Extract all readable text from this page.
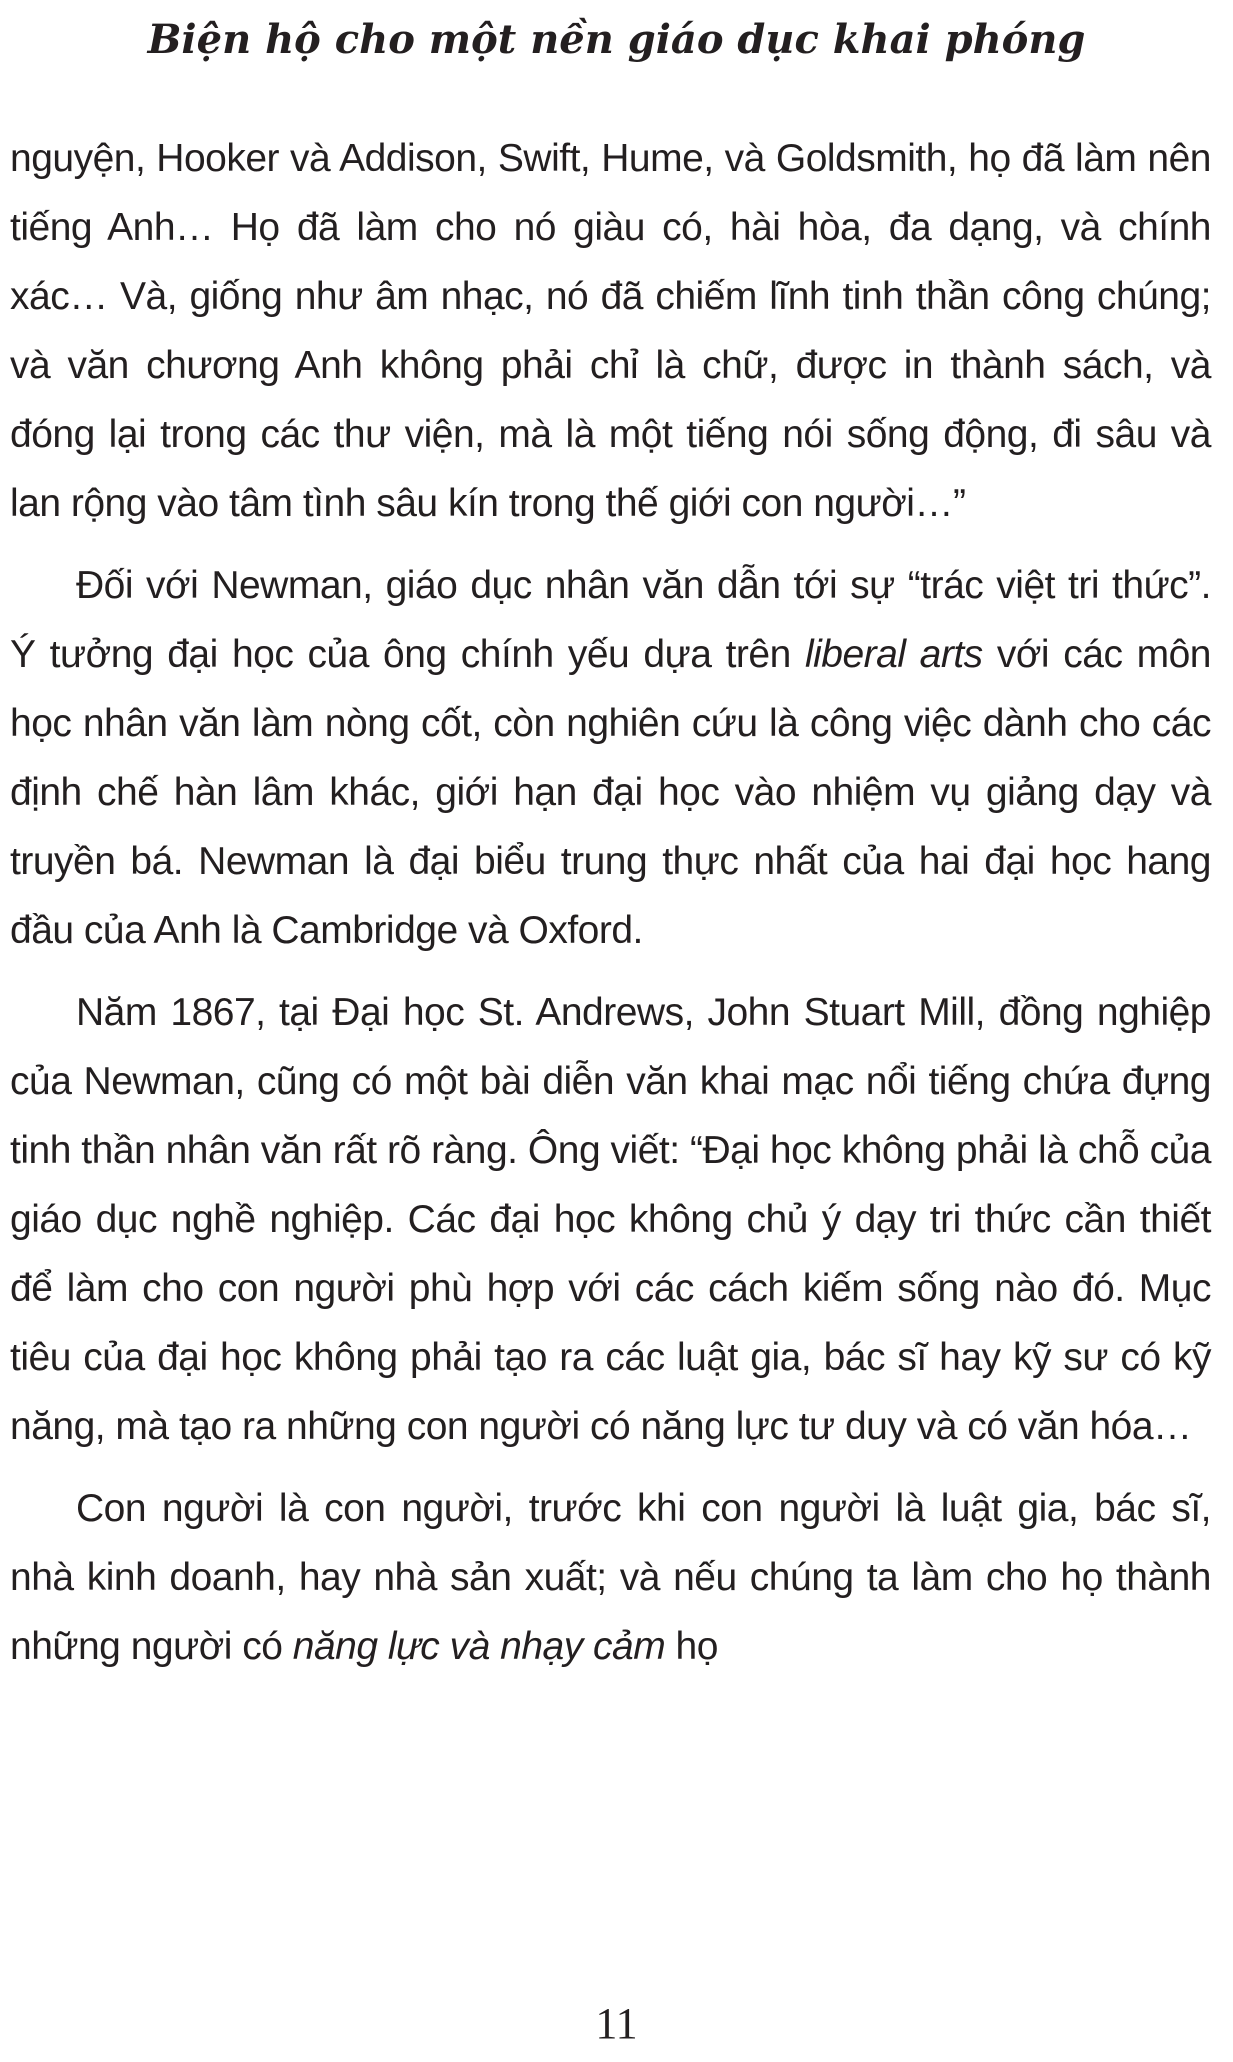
Biện hộ cho một nền giáo dục khai phóng

nguyện, Hooker và Addison, Swift, Hume, và Goldsmith, họ đã làm nên tiếng Anh… Họ đã làm cho nó giàu có, hài hòa, đa dạng, và chính xác… Và, giống như âm nhạc, nó đã chiếm lĩnh tinh thần công chúng; và văn chương Anh không phải chỉ là chữ, được in thành sách, và đóng lại trong các thư viện, mà là một tiếng nói sống động, đi sâu và lan rộng vào tâm tình sâu kín trong thế giới con người…”

Đối với Newman, giáo dục nhân văn dẫn tới sự “trác việt tri thức”. Ý tưởng đại học của ông chính yếu dựa trên liberal arts với các môn học nhân văn làm nòng cốt, còn nghiên cứu là công việc dành cho các định chế hàn lâm khác, giới hạn đại học vào nhiệm vụ giảng dạy và truyền bá. Newman là đại biểu trung thực nhất của hai đại học hang đầu của Anh là Cambridge và Oxford.

Năm 1867, tại Đại học St. Andrews, John Stuart Mill, đồng nghiệp của Newman, cũng có một bài diễn văn khai mạc nổi tiếng chứa đựng tinh thần nhân văn rất rõ ràng. Ông viết: “Đại học không phải là chỗ của giáo dục nghề nghiệp. Các đại học không chủ ý dạy tri thức cần thiết để làm cho con người phù hợp với các cách kiếm sống nào đó. Mục tiêu của đại học không phải tạo ra các luật gia, bác sĩ hay kỹ sư có kỹ năng, mà tạo ra những con người có năng lực tư duy và có văn hóa…

Con người là con người, trước khi con người là luật gia, bác sĩ, nhà kinh doanh, hay nhà sản xuất; và nếu chúng ta làm cho họ thành những người có năng lực và nhạy cảm họ

11
